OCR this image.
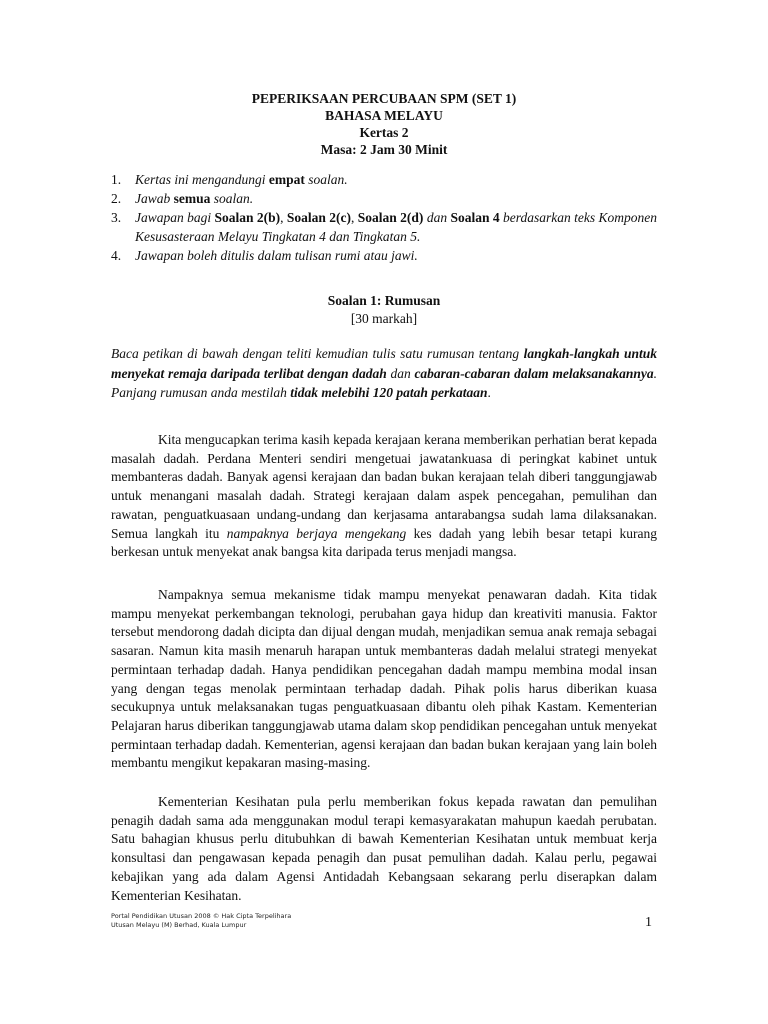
PEPERIKSAAN PERCUBAAN SPM (SET 1)
BAHASA MELAYU
Kertas 2
Masa: 2 Jam 30 Minit
1.	Kertas ini mengandungi empat soalan.
2.	Jawab semua soalan.
3.	Jawapan bagi Soalan 2(b), Soalan 2(c), Soalan 2(d) dan Soalan 4 berdasarkan teks Komponen Kesusasteraan Melayu Tingkatan 4 dan Tingkatan 5.
4.	Jawapan boleh ditulis dalam tulisan rumi atau jawi.
Soalan 1: Rumusan
[30 markah]
Baca petikan di bawah dengan teliti kemudian tulis satu rumusan tentang langkah-langkah untuk menyekat remaja daripada terlibat dengan dadah dan cabaran-cabaran dalam melaksanakannya. Panjang rumusan anda mestilah tidak melebihi 120 patah perkataan.
Kita mengucapkan terima kasih kepada kerajaan kerana memberikan perhatian berat kepada masalah dadah. Perdana Menteri sendiri mengetuai jawatankuasa di peringkat kabinet untuk membanteras dadah. Banyak agensi kerajaan dan badan bukan kerajaan telah diberi tanggungjawab untuk menangani masalah dadah. Strategi kerajaan dalam aspek pencegahan, pemulihan dan rawatan, penguatkuasaan undang-undang dan kerjasama antarabangsa sudah lama dilaksanakan. Semua langkah itu nampaknya berjaya mengekang kes dadah yang lebih besar tetapi kurang berkesan untuk menyekat anak bangsa kita daripada terus menjadi mangsa.
Nampaknya semua mekanisme tidak mampu menyekat penawaran dadah. Kita tidak mampu menyekat perkembangan teknologi, perubahan gaya hidup dan kreativiti manusia. Faktor tersebut mendorong dadah dicipta dan dijual dengan mudah, menjadikan semua anak remaja sebagai sasaran. Namun kita masih menaruh harapan untuk membanteras dadah melalui strategi menyekat permintaan terhadap dadah. Hanya pendidikan pencegahan dadah mampu membina modal insan yang dengan tegas menolak permintaan terhadap dadah. Pihak polis harus diberikan kuasa secukupnya untuk melaksanakan tugas penguatkuasaan dibantu oleh pihak Kastam. Kementerian Pelajaran harus diberikan tanggungjawab utama dalam skop pendidikan pencegahan untuk menyekat permintaan terhadap dadah. Kementerian, agensi kerajaan dan badan bukan kerajaan yang lain boleh membantu mengikut kepakaran masing-masing.
Kementerian Kesihatan pula perlu memberikan fokus kepada rawatan dan pemulihan penagih dadah sama ada menggunakan modul terapi kemasyarakatan mahupun kaedah perubatan. Satu bahagian khusus perlu ditubuhkan di bawah Kementerian Kesihatan untuk membuat kerja konsultasi dan pengawasan kepada penagih dan pusat pemulihan dadah. Kalau perlu, pegawai kebajikan yang ada dalam Agensi Antidadah Kebangsaan sekarang perlu diserapkan dalam Kementerian Kesihatan.
Portal Pendidikan Utusan 2008 © Hak Cipta Terpelihara
Utusan Melayu (M) Berhad, Kuala Lumpur	1
